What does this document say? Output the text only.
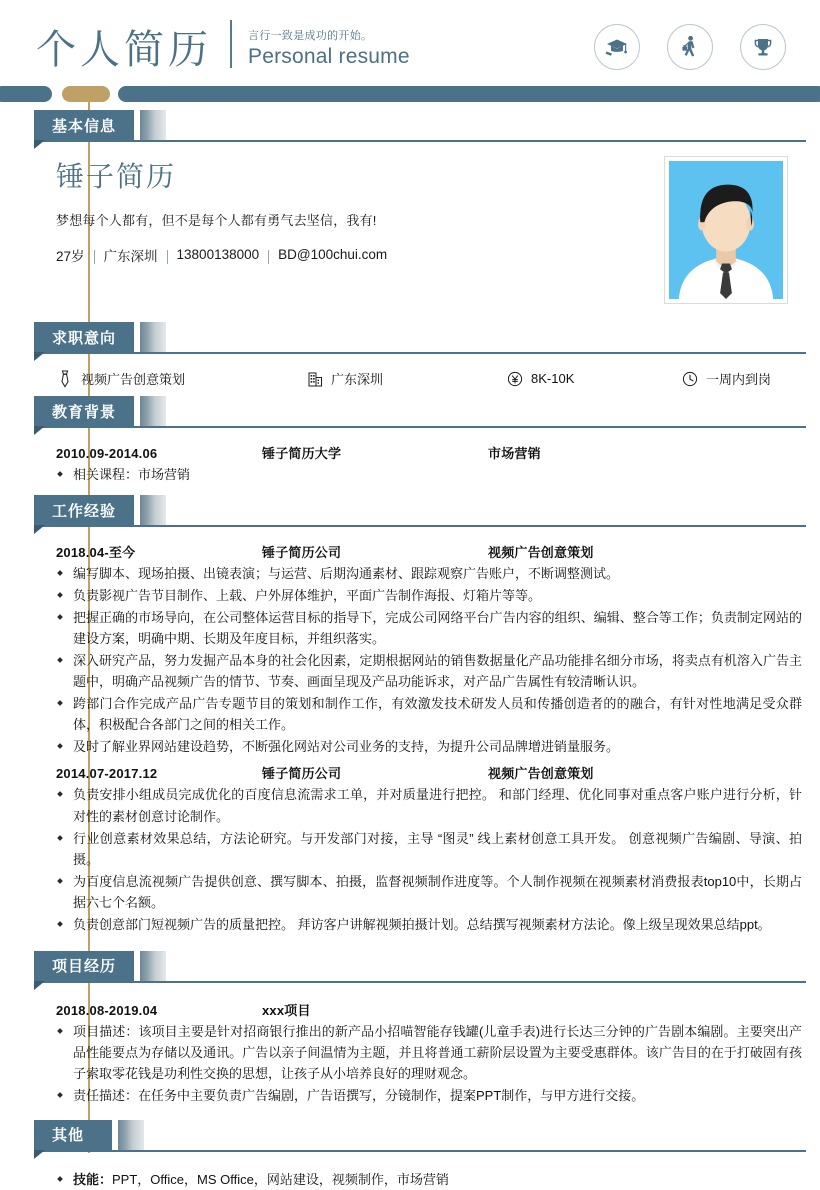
个人简历	言行一致是成功的开始。
Personal resume
基本信息
锤子简历
梦想每个人都有，但不是每个人都有勇气去坚信，我有!
27岁 广东深圳 13800138000 BD@100chui.com
求职意向
视频广告创意策划	广东深圳	8K-10K	一周内到岗
教育背景
2010.09-2014.06	锤子简历大学	市场营销
相关课程：市场营销
工作经验
2018.04-至今	锤子简历公司	视频广告创意策划
编写脚本、现场拍摄、出镜表演；与运营、后期沟通素材、跟踪观察广告账户，不断调整测试。
负责影视广告节目制作、上载、户外屏体维护，平面广告制作海报、灯箱片等等。
把握正确的市场导向，在公司整体运营目标的指导下，完成公司网络平台广告内容的组织、编辑、整合等工作；负责制定网站的建设方案，明确中期、长期及年度目标，并组织落实。
深入研究产品，努力发掘产品本身的社会化因素，定期根据网站的销售数据量化产品功能排名细分市场，将卖点有机溶入广告主题中，明确产品视频广告的情节、节奏、画面呈现及产品功能诉求，对产品广告属性有较清晰认识。
跨部门合作完成产品广告专题节目的策划和制作工作，有效激发技术研发人员和传播创造者的的融合，有针对性地满足受众群体，积极配合各部门之间的相关工作。
及时了解业界网站建设趋势，不断强化网站对公司业务的支持，为提升公司品牌增进销量服务。
2014.07-2017.12	锤子简历公司	视频广告创意策划
负责安排小组成员完成优化的百度信息流需求工单，并对质量进行把控。 和部门经理、优化同事对重点客户账户进行分析，针对性的素材创意讨论制作。
行业创意素材效果总结，方法论研究。与开发部门对接，主导 “图灵” 线上素材创意工具开发。 创意视频广告编剧、导演、拍摄。
为百度信息流视频广告提供创意、撰写脚本、拍摄，监督视频制作进度等。个人制作视频在视频素材消费报表top10中，长期占据六七个名额。
负责创意部门短视频广告的质量把控。 拜访客户讲解视频拍摄计划。总结撰写视频素材方法论。像上级呈现效果总结ppt。
项目经历
2018.08-2019.04	xxx项目
项目描述：该项目主要是针对招商银行推出的新产品小招喵智能存钱罐(儿童手表)进行长达三分钟的广告剧本编剧。主要突出产品性能要点为存储以及通讯。广告以亲子间温情为主题，并且将普通工薪阶层设置为主要受惠群体。该广告目的在于打破固有孩子索取零花钱是功利性交换的思想，让孩子从小培养良好的理财观念。
责任描述：在任务中主要负责广告编剧，广告语撰写，分镜制作，提案PPT制作，与甲方进行交接。
其他
技能：PPT，Office，MS Office，网站建设，视频制作，市场营销
